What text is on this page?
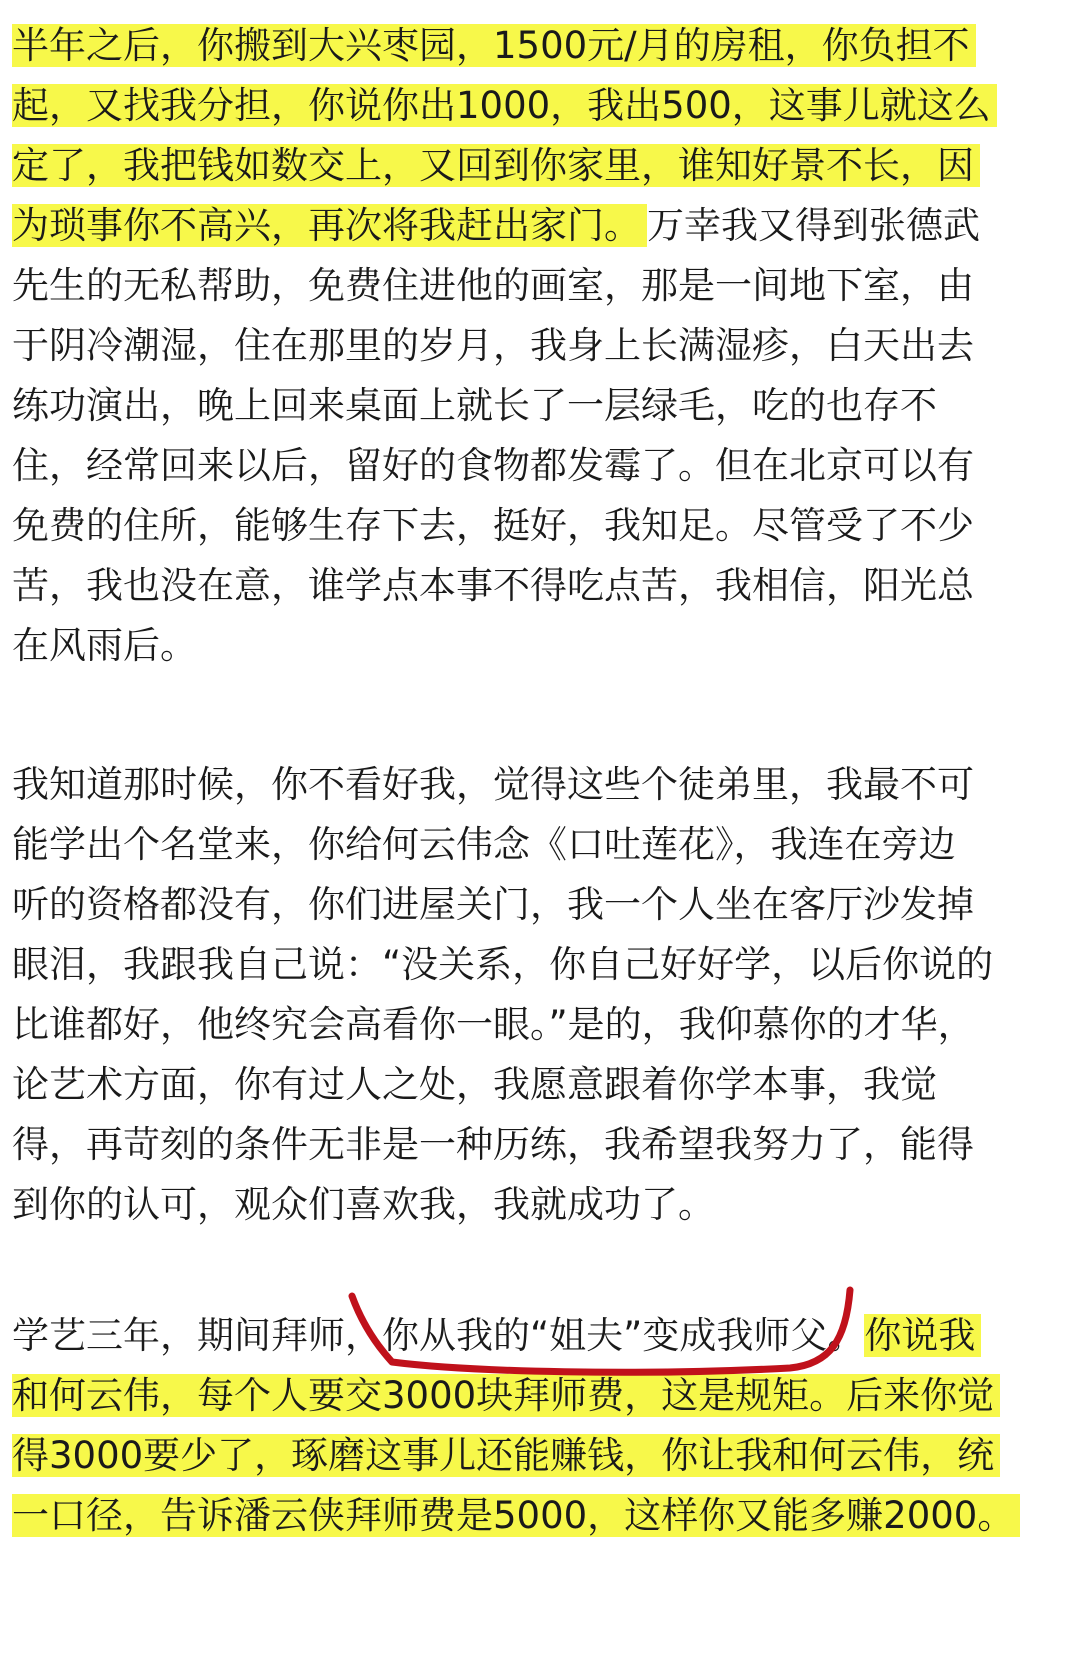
半年之后，你搬到大兴枣园，1500元/月的房租，你负担不
起，又找我分担，你说你出1000，我出500，这事儿就这么
定了，我把钱如数交上，又回到你家里，谁知好景不长，因
为琐事你不高兴，再次将我赶出家门。 万幸我又得到张德武
先生的无私帮助，免费住进他的画室，那是一间地下室，由
于阴冷潮湿，住在那里的岁月，我身上长满湿疹，白天出去
练功演出，晚上回来桌面上就长了一层绿毛，吃的也存不
住，经常回来以后，留好的食物都发霉了。但在北京可以有
免费的住所，能够生存下去，挺好，我知足。尽管受了不少
苦，我也没在意，谁学点本事不得吃点苦，我相信，阳光总
在风雨后。
我知道那时候，你不看好我，觉得这些个徒弟里，我最不可
能学出个名堂来，你给何云伟念《口吐莲花》，我连在旁边
听的资格都没有，你们进屋关门，我一个人坐在客厅沙发掉
眼泪，我跟我自己说：“没关系，你自己好好学，以后你说的
比谁都好，他终究会高看你一眼。”是的，我仰慕你的才华，
论艺术方面，你有过人之处，我愿意跟着你学本事，我觉
得，再苛刻的条件无非是一种历练，我希望我努力了，能得
到你的认可，观众们喜欢我，我就成功了。
学艺三年，期间拜师，你从我的“姐夫”变成我师父。你说我
和何云伟，每个人要交3000块拜师费，这是规矩。后来你觉
得3000要少了，琢磨这事儿还能赚钱，你让我和何云伟，统
一口径，告诉潘云侠拜师费是5000，这样你又能多赚2000。
